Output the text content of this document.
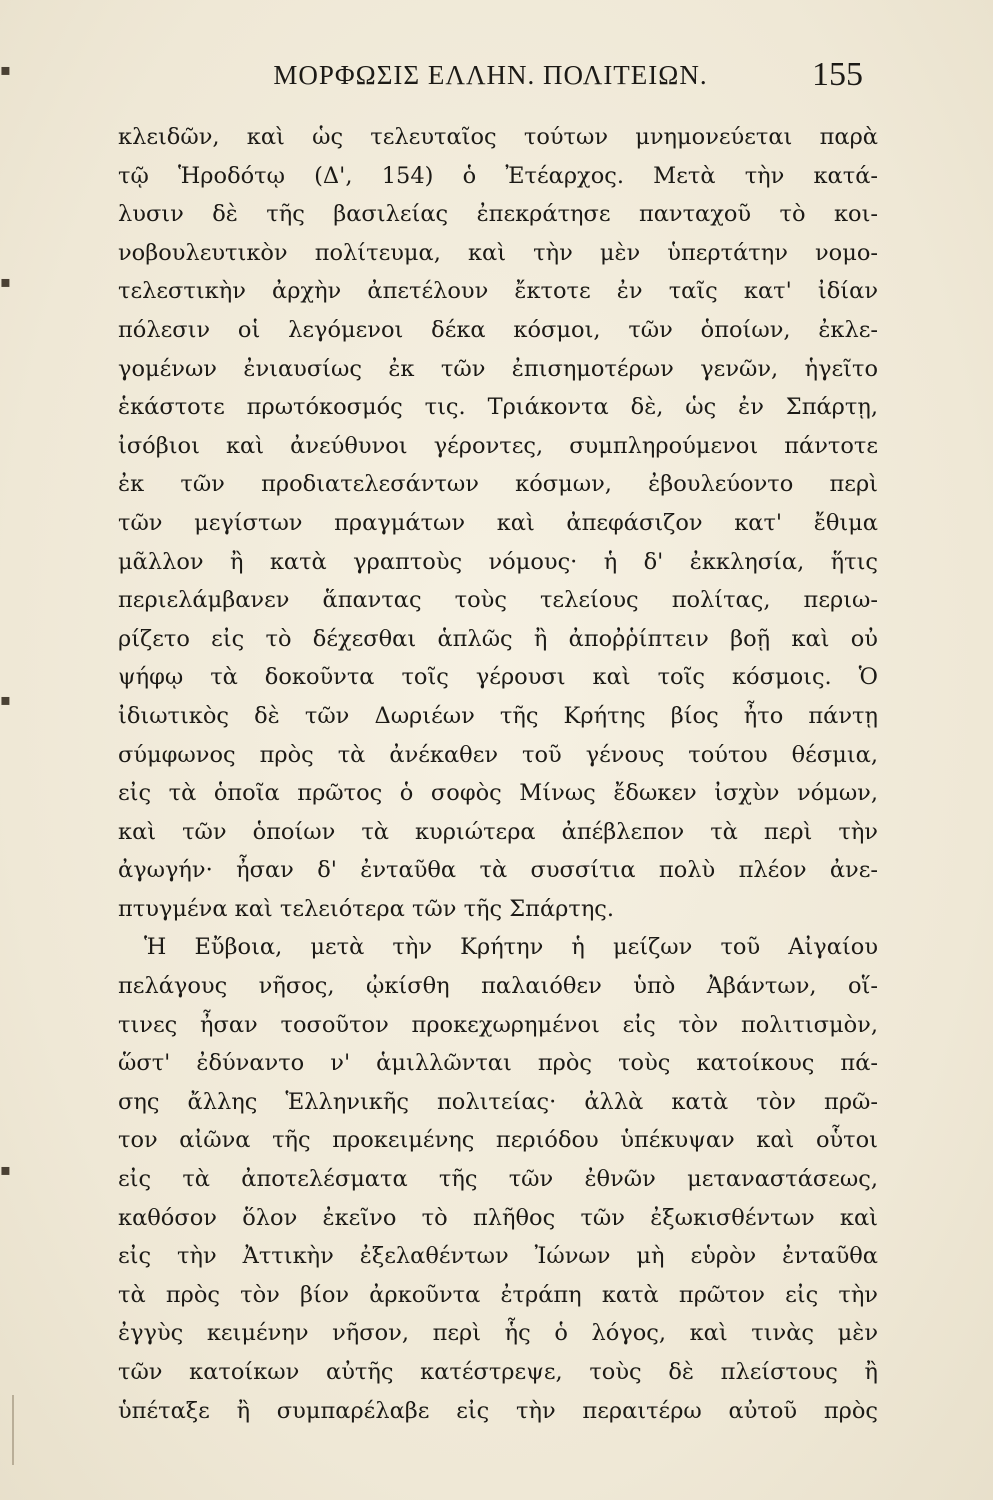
ΜΟΡΦΩΣΙΣ ΕΛΛΗΝ. ΠΟΛΙΤΕΙΩΝ.	155
κλειδῶν, καὶ ὡς τελευταῖος τούτων μνημονεύεται παρὰ
τῷ Ἡροδότῳ (Δ', 154) ὁ Ἐτέαρχος. Μετὰ τὴν κατά-
λυσιν δὲ τῆς βασιλείας ἐπεκράτησε πανταχοῦ τὸ κοι-
νοβουλευτικὸν πολίτευμα, καὶ τὴν μὲν ὑπερτάτην νομο-
τελεστικὴν ἀρχὴν ἀπετέλουν ἔκτοτε ἐν ταῖς κατ' ἰδίαν
πόλεσιν οἱ λεγόμενοι δέκα κόσμοι, τῶν ὁποίων, ἐκλε-
γομένων ἐνιαυσίως ἐκ τῶν ἐπισημοτέρων γενῶν, ἡγεῖτο
ἑκάστοτε πρωτόκοσμός τις. Τριάκοντα δὲ, ὡς ἐν Σπάρτῃ,
ἰσόβιοι καὶ ἀνεύθυνοι γέροντες, συμπληρούμενοι πάντοτε
ἐκ τῶν προδιατελεσάντων κόσμων, ἐβουλεύοντο περὶ
τῶν μεγίστων πραγμάτων καὶ ἀπεφάσιζον κατ' ἔθιμα
μᾶλλον ἢ κατὰ γραπτοὺς νόμους· ἡ δ' ἐκκλησία, ἥτις
περιελάμβανεν ἅπαντας τοὺς τελείους πολίτας, περιω-
ρίζετο εἰς τὸ δέχεσθαι ἁπλῶς ἢ ἀποῤῥίπτειν βοῇ καὶ οὐ
ψήφῳ τὰ δοκοῦντα τοῖς γέρουσι καὶ τοῖς κόσμοις. Ὁ
ἰδιωτικὸς δὲ τῶν Δωριέων τῆς Κρήτης βίος ἦτο πάντῃ
σύμφωνος πρὸς τὰ ἀνέκαθεν τοῦ γένους τούτου θέσμια,
εἰς τὰ ὁποῖα πρῶτος ὁ σοφὸς Μίνως ἔδωκεν ἰσχὺν νόμων,
καὶ τῶν ὁποίων τὰ κυριώτερα ἀπέβλεπον τὰ περὶ τὴν
ἀγωγήν· ἦσαν δ' ἐνταῦθα τὰ συσσίτια πολὺ πλέον ἀνε-
πτυγμένα καὶ τελειότερα τῶν τῆς Σπάρτης.
Ἡ Εὔβοια, μετὰ τὴν Κρήτην ἡ μείζων τοῦ Αἰγαίου
πελάγους νῆσος, ᾠκίσθη παλαιόθεν ὑπὸ Ἀβάντων, οἵ-
τινες ἦσαν τοσοῦτον προκεχωρημένοι εἰς τὸν πολιτισμὸν,
ὥστ' ἐδύναντο ν' ἁμιλλῶνται πρὸς τοὺς κατοίκους πά-
σης ἄλλης Ἑλληνικῆς πολιτείας· ἀλλὰ κατὰ τὸν πρῶ-
τον αἰῶνα τῆς προκειμένης περιόδου ὑπέκυψαν καὶ οὗτοι
εἰς τὰ ἀποτελέσματα τῆς τῶν ἐθνῶν μεταναστάσεως,
καθόσον ὅλον ἐκεῖνο τὸ πλῆθος τῶν ἐξωκισθέντων καὶ
εἰς τὴν Ἀττικὴν ἐξελαθέντων Ἰώνων μὴ εὑρὸν ἐνταῦθα
τὰ πρὸς τὸν βίον ἀρκοῦντα ἐτράπη κατὰ πρῶτον εἰς τὴν
ἐγγὺς κειμένην νῆσον, περὶ ἧς ὁ λόγος, καὶ τινὰς μὲν
τῶν κατοίκων αὐτῆς κατέστρεψε, τοὺς δὲ πλείστους ἢ
ὑπέταξε ἢ συμπαρέλαβε εἰς τὴν περαιτέρω αὐτοῦ πρὸς
▪
▪
▪
▪
